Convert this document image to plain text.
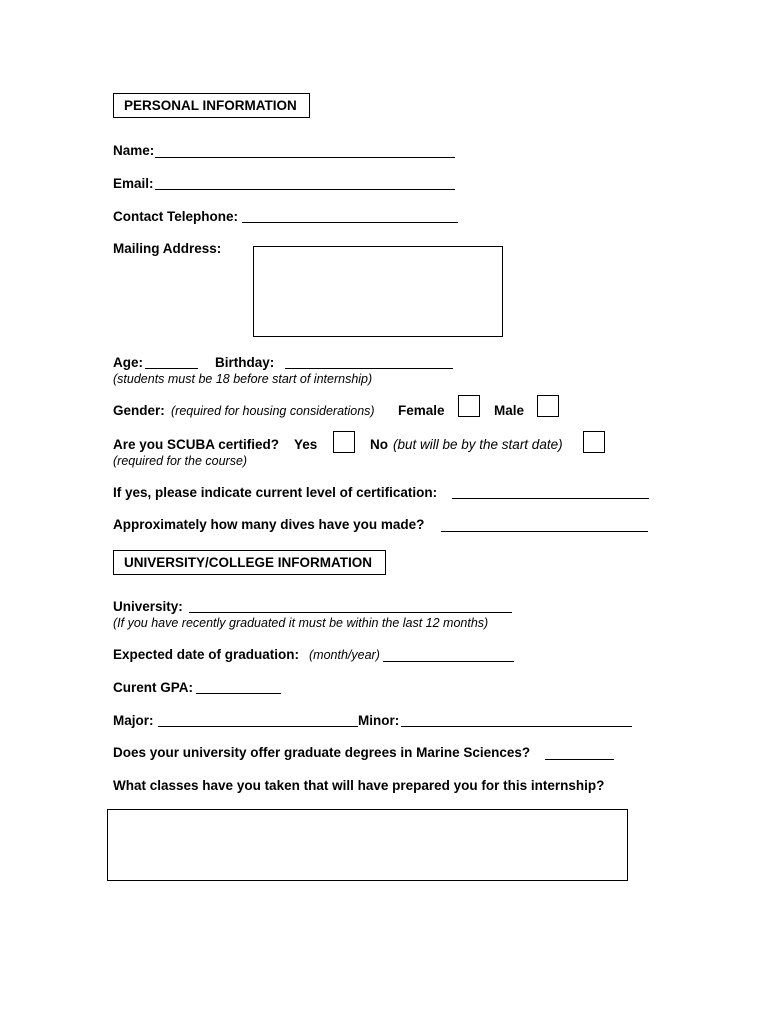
PERSONAL INFORMATION
Name:
Email:
Contact Telephone:
Mailing Address:
Age:	Birthday:
(students must be 18 before start of internship)
Gender: (required for housing considerations) Female	Male
Are you SCUBA certified? Yes	No (but will be by the start date)
(required for the course)
If yes, please indicate current level of certification:
Approximately how many dives have you made?
UNIVERSITY/COLLEGE INFORMATION
University:
(If you have recently graduated it must be within the last 12 months)
Expected date of graduation: (month/year)
Curent GPA:
Major:	Minor:
Does your university offer graduate degrees in Marine Sciences?
What classes have you taken that will have prepared you for this internship?
